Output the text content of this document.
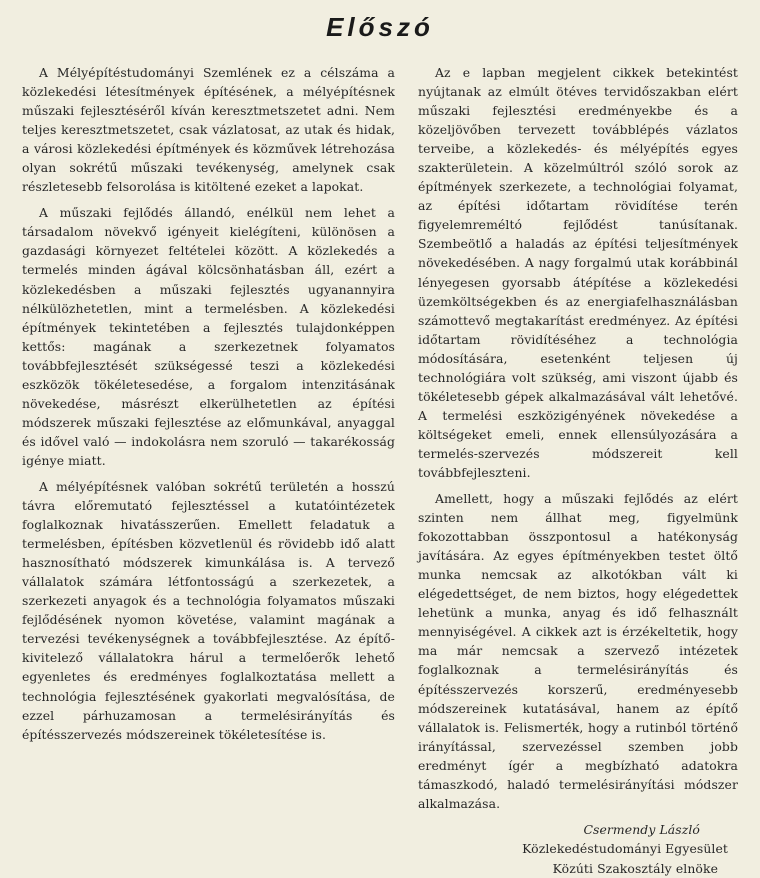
Előszó

A Mélyépítéstudományi Szemlének ez a célszáma a közlekedési létesítmények építésének, a mélyépítésnek műszaki fejlesztéséről kíván keresztmetszetet adni. Nem teljes keresztmetszetet, csak vázlatosat, az utak és hidak, a városi közlekedési építmények és közművek létrehozása olyan sokrétű műszaki tevékenység, amelynek csak részletesebb felsorolása is kitöltené ezeket a lapokat.

A műszaki fejlődés állandó, enélkül nem lehet a társadalom növekvő igényeit kielégíteni, különösen a gazdasági környezet feltételei között. A közlekedés a termelés minden ágával kölcsönhatásban áll, ezért a közlekedésben a műszaki fejlesztés ugyanannyira nélkülözhetetlen, mint a termelésben. A közlekedési építmények tekintetében a fejlesztés tulajdonképpen kettős: magának a szerkezetnek folyamatos továbbfejlesztését szükségessé teszi a közlekedési eszközök tökéletesedése, a forgalom intenzitásának növekedése, másrészt elkerülhetetlen az építési módszerek műszaki fejlesztése az előmunkával, anyaggal és idővel való — indokolásra nem szoruló — takarékosság igénye miatt.

A mélyépítésnek valóban sokrétű területén a hosszú távra előremutató fejlesztéssel a kutatóintézetek foglalkoznak hivatásszerűen. Emellett feladatuk a termelésben, építésben közvetlenül és rövidebb idő alatt hasznosítható módszerek kimunkálása is. A tervező vállalatok számára létfontosságú a szerkezetek, a szerkezeti anyagok és a technológia folyamatos műszaki fejlődésének nyomon követése, valamint magának a tervezési tevékenységnek a továbbfejlesztése. Az építő-kivitelező vállalatokra hárul a termelőerők lehető egyenletes és eredményes foglalkoztatása mellett a technológia fejlesztésének gyakorlati megvalósítása, de ezzel párhuzamosan a termelésirányítás és építésszervezés módszereinek tökéletesítése is.

Az e lapban megjelent cikkek betekintést nyújtanak az elmúlt ötéves tervidőszakban elért műszaki fejlesztési eredményekbe és a közeljövőben tervezett továbblépés vázlatos terveibe, a közlekedés- és mélyépítés egyes szakterületein. A közelmúltról szóló sorok az építmények szerkezete, a technológiai folyamat, az építési időtartam rövidítése terén figyelemreméltó fejlődést tanúsítanak. Szembeötlő a haladás az építési teljesítmények növekedésében. A nagy forgalmú utak korábbinál lényegesen gyorsabb átépítése a közlekedési üzemköltségekben és az energiafelhasználásban számottevő megtakarítást eredményez. Az építési időtartam rövidítéséhez a technológia módosítására, esetenként teljesen új technológiára volt szükség, ami viszont újabb és tökéletesebb gépek alkalmazásával vált lehetővé. A termelési eszközigényének növekedése a költségeket emeli, ennek ellensúlyozására a termelés-szervezés módszereit kell továbbfejleszteni.

Amellett, hogy a műszaki fejlődés az elért szinten nem állhat meg, figyelmünk fokozottabban összpontosul a hatékonyság javítására. Az egyes építményekben testet öltő munka nemcsak az alkotókban vált ki elégedettséget, de nem biztos, hogy elégedettek lehetünk a munka, anyag és idő felhasznált mennyiségével. A cikkek azt is érzékeltetik, hogy ma már nemcsak a szervező intézetek foglalkoznak a termelésirányítás és építésszervezés korszerű, eredményesebb módszereinek kutatásával, hanem az építő vállalatok is. Felismerték, hogy a rutinból történő irányítással, szervezéssel szemben jobb eredményt ígér a megbízható adatokra támaszkodó, haladó termelésirányítási módszer alkalmazása.

Csermendy László
Közlekedéstudományi Egyesület
Közúti Szakosztály elnöke
